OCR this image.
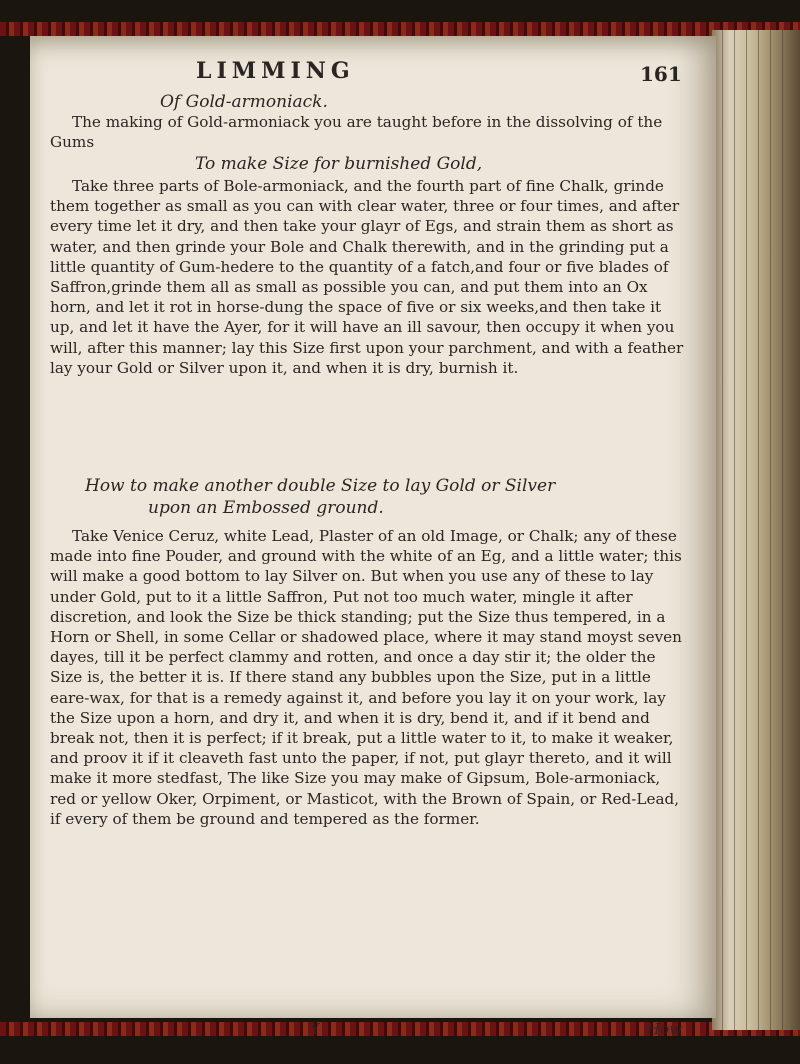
LIMMING	161
Of Gold-armoniack.

The making of Gold-armoniack you are taught before in the dissolving of the Gums

To make Size for burnished Gold,

Take three parts of Bole-armoniack, and the fourth part of fine Chalk, grinde them together as small as you can with clear water, three or four times, and after every time let it dry, and then take your glayr of Egs, and strain them as short as water, and then grinde your Bole and Chalk therewith, and in the grinding put a little quantity of Gum-hedere to the quantity of a fatch,and four or five blades of Saffron,grinde them all as small as possible you can, and put them into an Ox horn, and let it rot in horse-dung the space of five or six weeks,and then take it up, and let it have the Ayer, for it will have an ill savour, then occupy it when you will, after this manner; lay this Size first upon your parchment, and with a feather lay your Gold or Silver upon it, and when it is dry, burnish it.

How to make another double Size to lay Gold or Silver
upon an Embossed ground.

Take Venice Ceruz, white Lead, Plaster of an old Image, or Chalk; any of these made into fine Pouder, and ground with the white of an Eg, and a little water; this will make a good bottom to lay Silver on. But when you use any of these to lay under Gold, put to it a little Saffron, Put not too much water, mingle it after discretion, and look the Size be thick standing; put the Size thus tempered, in a Horn or Shell, in some Cellar or shadowed place, where it may stand moyst seven dayes, till it be perfect clammy and rotten, and once a day stir it; the older the Size is, the better it is. If there stand any bubbles upon the Size, put in a little eare-wax, for that is a remedy against it, and before you lay it on your work, lay the Size upon a horn, and dry it, and when it is dry, bend it, and if it bend and break not, then it is perfect; if it break, put a little water to it, to make it weaker, and proov it if it cleaveth fast unto the paper, if not, put glayr thereto, and it will make it more stedfast, The like Size you may make of Gipsum, Bole-armoniack, red or yellow Oker, Orpiment, or Masticot, with the Brown of Spain, or Red-Lead, if every of them be ground and tempered as the former.

Y	How
